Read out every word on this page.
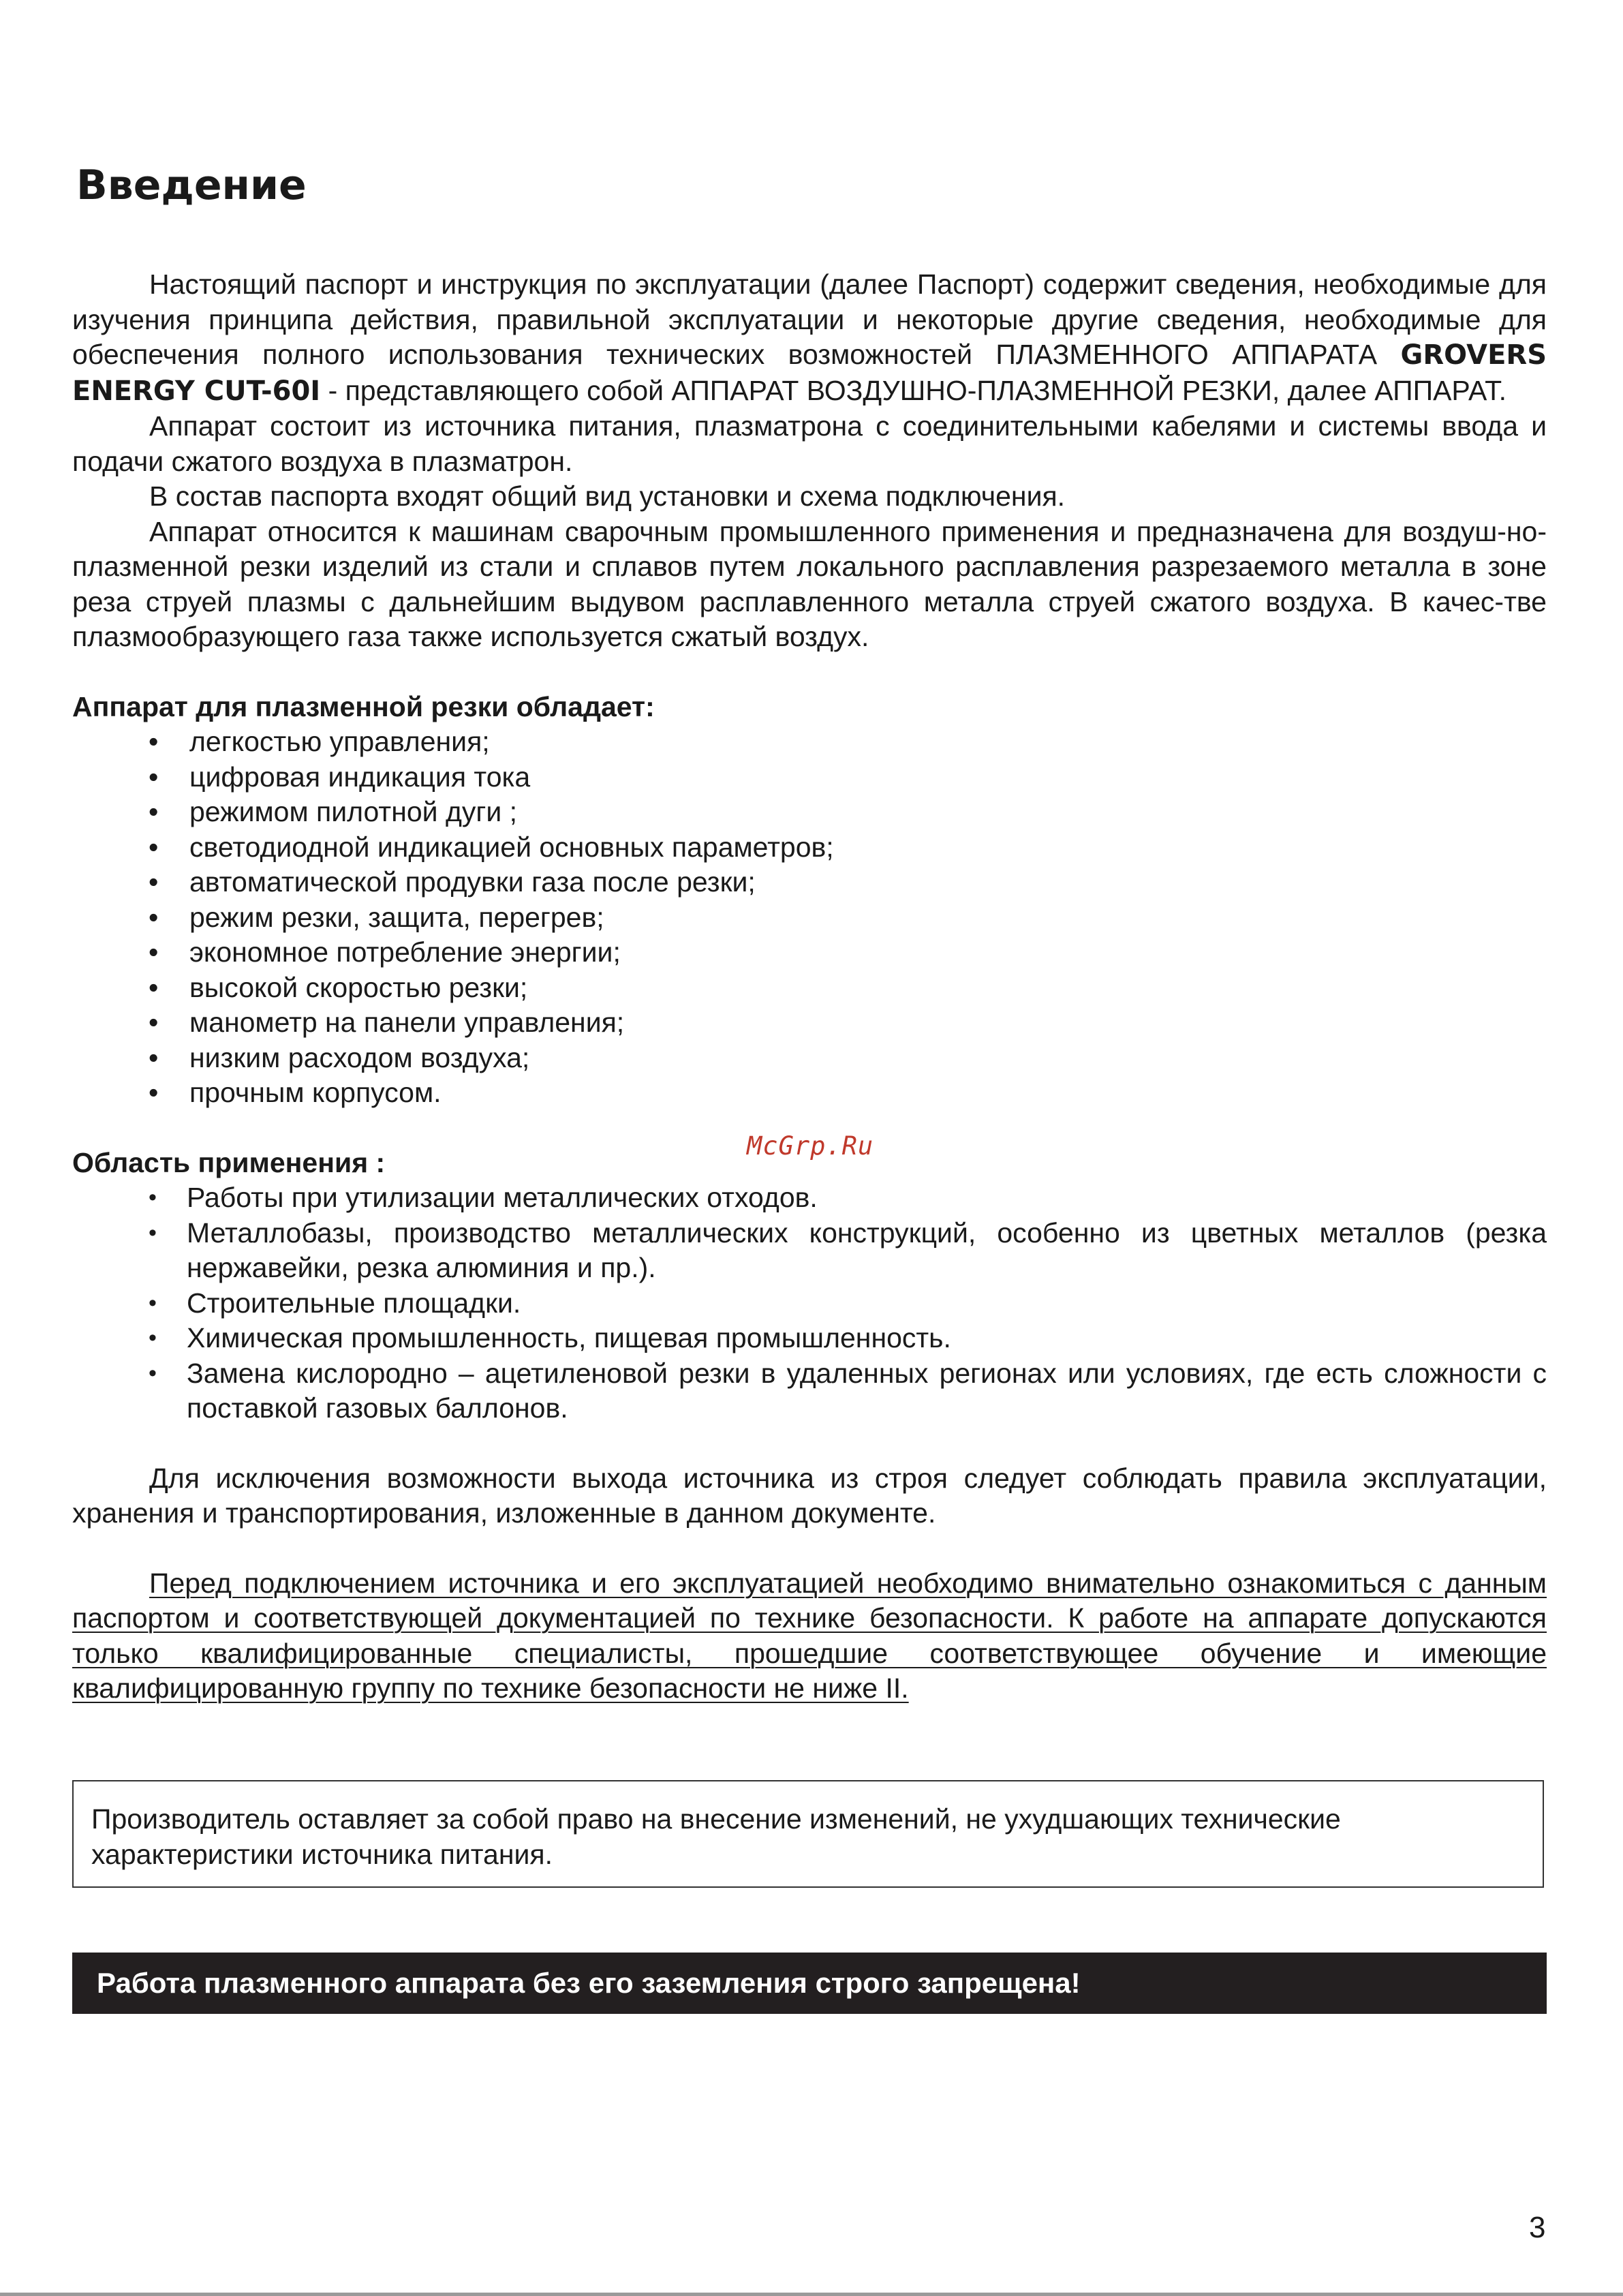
Введение

Настоящий паспорт и инструкция по эксплуатации (далее Паспорт) содержит сведения, необходимые для изучения принципа действия, правильной эксплуатации и некоторые другие сведения, необходимые для обеспечения полного использования технических возможностей ПЛАЗМЕННОГО АППАРАТА GROVERS ENERGY CUT-60I - представляющего собой АППАРАТ ВОЗДУШНО-ПЛАЗМЕННОЙ РЕЗКИ, далее АППАРАТ.

Аппарат состоит из источника питания, плазматрона с соединительными кабелями и системы ввода и подачи сжатого воздуха в плазматрон.

В состав паспорта входят общий вид установки и схема подключения.

Аппарат относится к машинам сварочным промышленного применения и предназначена для воздуш-но-плазменной резки изделий из стали и сплавов путем локального расплавления разрезаемого металла в зоне реза струей плазмы с дальнейшим выдувом расплавленного металла струей сжатого воздуха. В качес-тве плазмообразующего газа также используется сжатый воздух.

Аппарат для плазменной резки обладает:

• легкостью управления;
• цифровая индикация тока
• режимом пилотной дуги ;
• светодиодной индикацией основных параметров;
• автоматической продувки газа после резки;
• режим резки, защита, перегрев;
• экономное потребление энергии;
• высокой скоростью резки;
• манометр на панели управления;
• низким расходом воздуха;
• прочным корпусом.

Область применения :

• Работы при утилизации металлических отходов.
• Металлобазы, производство металлических конструкций, особенно из цветных металлов (резка нержавейки, резка алюминия и пр.).
• Строительные площадки.
• Химическая промышленность, пищевая промышленность.
• Замена кислородно – ацетиленовой резки в удаленных регионах или условиях, где есть сложности с поставкой газовых баллонов.

Для исключения возможности выхода источника из строя следует соблюдать правила эксплуатации, хранения и транспортирования, изложенные в данном документе.

Перед подключением источника и его эксплуатацией необходимо внимательно ознакомиться с данным паспортом и соответствующей документацией по технике безопасности. К работе на аппарате допускаются только квалифицированные специалисты, прошедшие соответствующее обучение и имеющие квалифицированную группу по технике безопасности не ниже II.

Производитель оставляет за собой право на внесение изменений, не ухудшающих технические характеристики источника питания.
Работа плазменного аппарата без его заземления строго запрещена!
McGrp.Ru
3
